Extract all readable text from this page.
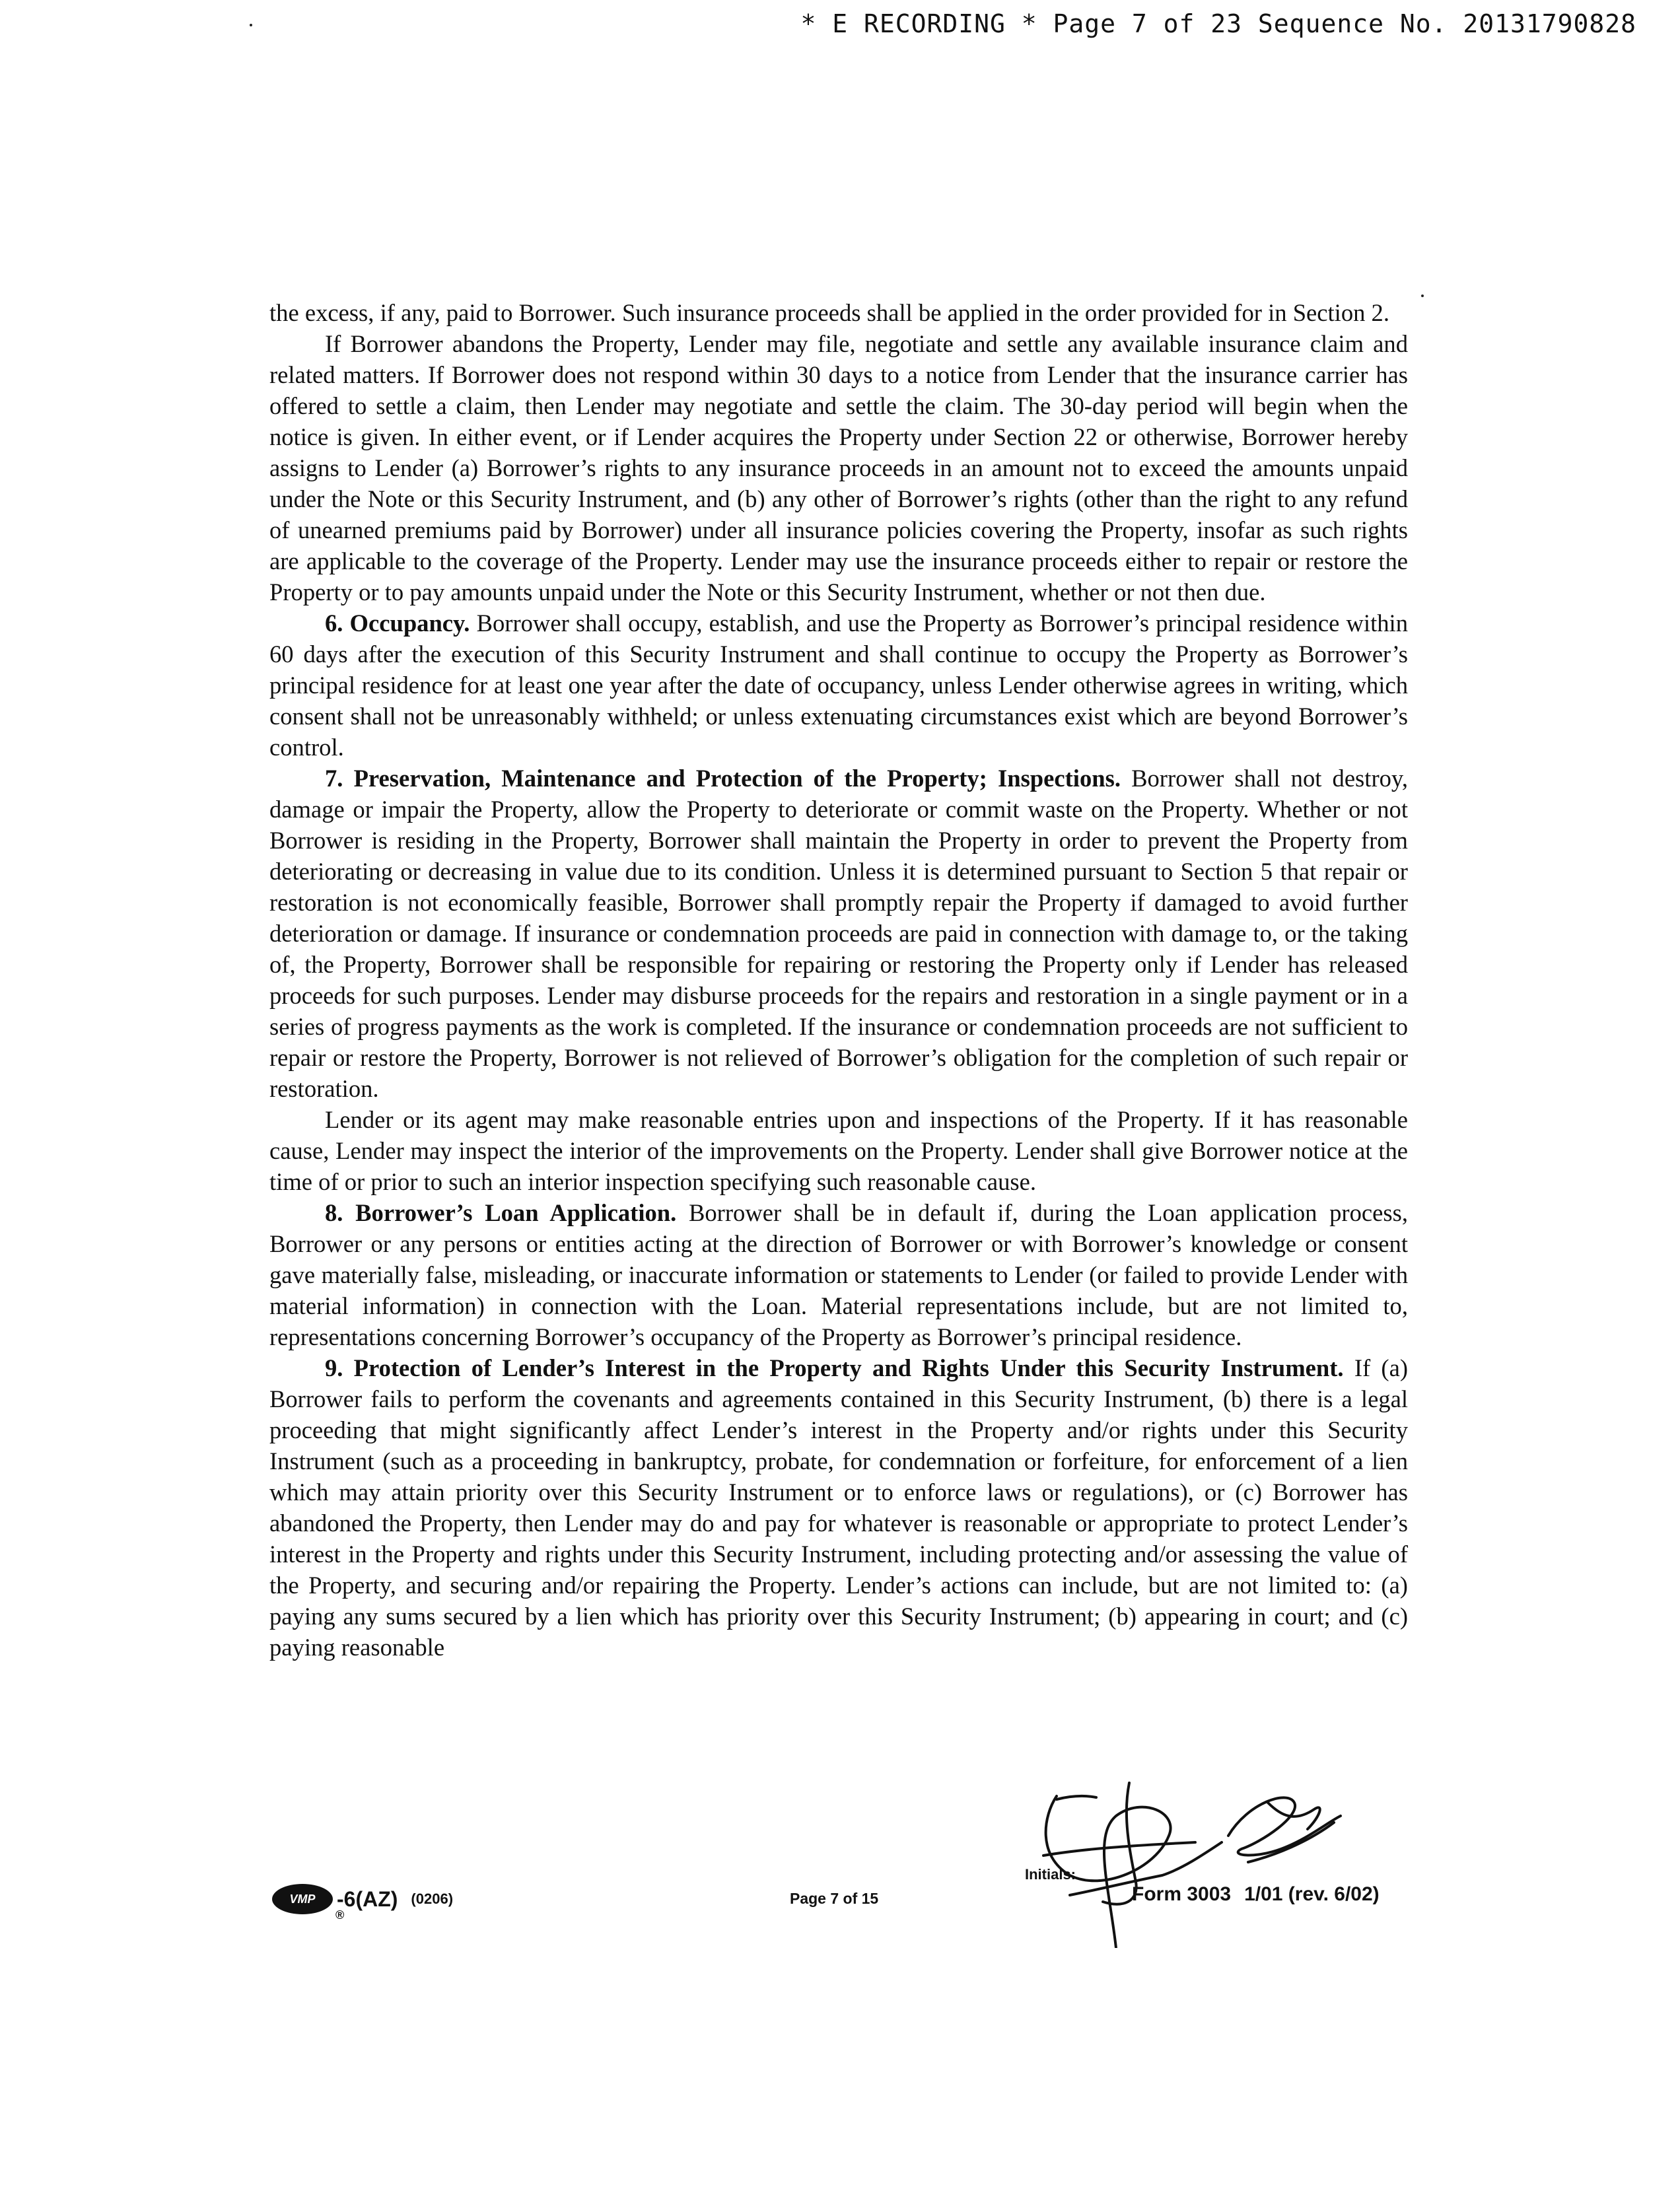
* E RECORDING * Page 7 of 23 Sequence No. 20131790828

the excess, if any, paid to Borrower. Such insurance proceeds shall be applied in the order provided for in Section 2.

If Borrower abandons the Property, Lender may file, negotiate and settle any available insurance claim and related matters. If Borrower does not respond within 30 days to a notice from Lender that the insurance carrier has offered to settle a claim, then Lender may negotiate and settle the claim. The 30-day period will begin when the notice is given. In either event, or if Lender acquires the Property under Section 22 or otherwise, Borrower hereby assigns to Lender (a) Borrower’s rights to any insurance proceeds in an amount not to exceed the amounts unpaid under the Note or this Security Instrument, and (b) any other of Borrower’s rights (other than the right to any refund of unearned premiums paid by Borrower) under all insurance policies covering the Property, insofar as such rights are applicable to the coverage of the Property. Lender may use the insurance proceeds either to repair or restore the Property or to pay amounts unpaid under the Note or this Security Instrument, whether or not then due.

6. Occupancy. Borrower shall occupy, establish, and use the Property as Borrower’s principal residence within 60 days after the execution of this Security Instrument and shall continue to occupy the Property as Borrower’s principal residence for at least one year after the date of occupancy, unless Lender otherwise agrees in writing, which consent shall not be unreasonably withheld; or unless extenuating circumstances exist which are beyond Borrower’s control.

7. Preservation, Maintenance and Protection of the Property; Inspections. Borrower shall not destroy, damage or impair the Property, allow the Property to deteriorate or commit waste on the Property. Whether or not Borrower is residing in the Property, Borrower shall maintain the Property in order to prevent the Property from deteriorating or decreasing in value due to its condition. Unless it is determined pursuant to Section 5 that repair or restoration is not economically feasible, Borrower shall promptly repair the Property if damaged to avoid further deterioration or damage. If insurance or condemnation proceeds are paid in connection with damage to, or the taking of, the Property, Borrower shall be responsible for repairing or restoring the Property only if Lender has released proceeds for such purposes. Lender may disburse proceeds for the repairs and restoration in a single payment or in a series of progress payments as the work is completed. If the insurance or condemnation proceeds are not sufficient to repair or restore the Property, Borrower is not relieved of Borrower’s obligation for the completion of such repair or restoration.

Lender or its agent may make reasonable entries upon and inspections of the Property. If it has reasonable cause, Lender may inspect the interior of the improvements on the Property. Lender shall give Borrower notice at the time of or prior to such an interior inspection specifying such reasonable cause.

8. Borrower’s Loan Application. Borrower shall be in default if, during the Loan application process, Borrower or any persons or entities acting at the direction of Borrower or with Borrower’s knowledge or consent gave materially false, misleading, or inaccurate information or statements to Lender (or failed to provide Lender with material information) in connection with the Loan. Material representations include, but are not limited to, representations concerning Borrower’s occupancy of the Property as Borrower’s principal residence.

9. Protection of Lender’s Interest in the Property and Rights Under this Security Instrument. If (a) Borrower fails to perform the covenants and agreements contained in this Security Instrument, (b) there is a legal proceeding that might significantly affect Lender’s interest in the Property and/or rights under this Security Instrument (such as a proceeding in bankruptcy, probate, for condemnation or forfeiture, for enforcement of a lien which may attain priority over this Security Instrument or to enforce laws or regulations), or (c) Borrower has abandoned the Property, then Lender may do and pay for whatever is reasonable or appropriate to protect Lender’s interest in the Property and rights under this Security Instrument, including protecting and/or assessing the value of the Property, and securing and/or repairing the Property. Lender’s actions can include, but are not limited to: (a) paying any sums secured by a lien which has priority over this Security Instrument; (b) appearing in court; and (c) paying reasonable

VMP	-6(AZ) (0206)
®
Page 7 of 15
Initials:
Form 3003 1/01 (rev. 6/02)
